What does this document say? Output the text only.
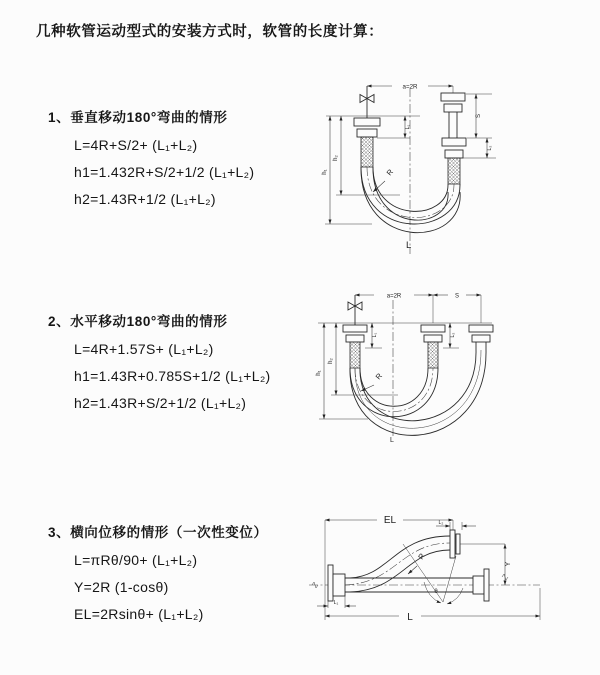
几种软管运动型式的安装方式时，软管的长度计算：
1、垂直移动180°弯曲的情形

L=4R+S/2+ (L₁+L₂)

h1=1.432R+S/2+1/2 (L₁+L₂)

h2=1.43R+1/2 (L₁+L₂)

2、水平移动180°弯曲的情形

L=4R+1.57S+ (L₁+L₂)

h1=1.43R+0.785S+1/2 (L₁+L₂)

h2=1.43R+S/2+1/2 (L₁+L₂)

3、横向位移的情形（一次性变位）

L=πRθ/90+ (L₁+L₂)

Y=2R (1-cosθ)

EL=2Rsinθ+ (L₁+L₂)

a=2R
R
L
h₁
h₂
L₁
S
L₂
a=2R	S
h₁
h₂
L₁	L₂
R
L
EL	L₂
Y
R
θ
L
L₁
